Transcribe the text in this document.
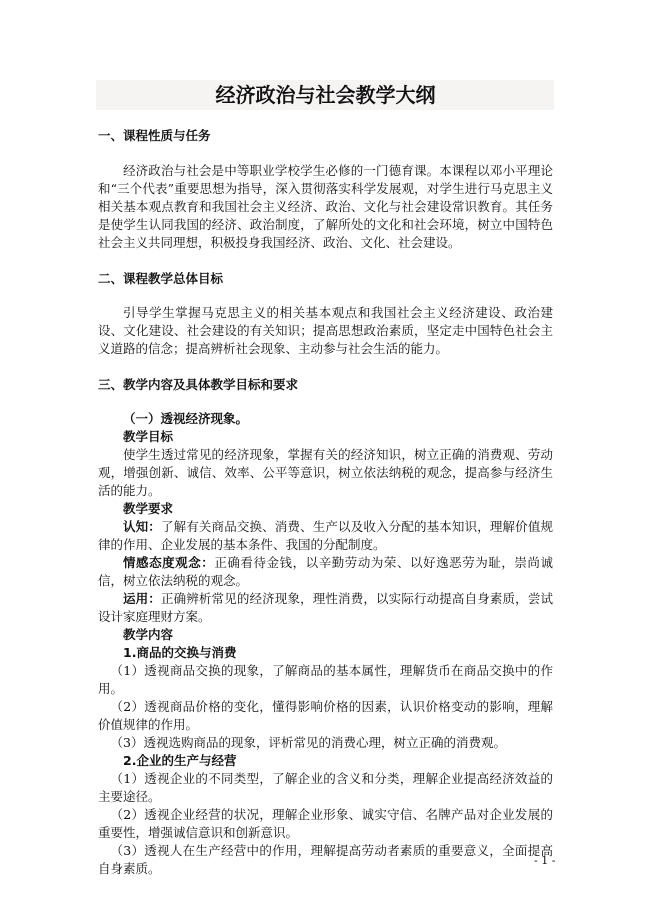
经济政治与社会教学大纲
一、课程性质与任务

经济政治与社会是中等职业学校学生必修的一门德育课。本课程以邓小平理论和“三个代表”重要思想为指导，深入贯彻落实科学发展观，对学生进行马克思主义相关基本观点教育和我国社会主义经济、政治、文化与社会建设常识教育。其任务是使学生认同我国的经济、政治制度，了解所处的文化和社会环境，树立中国特色社会主义共同理想，积极投身我国经济、政治、文化、社会建设。

二、课程教学总体目标

引导学生掌握马克思主义的相关基本观点和我国社会主义经济建设、政治建设、文化建设、社会建设的有关知识；提高思想政治素质，坚定走中国特色社会主义道路的信念；提高辨析社会现象、主动参与社会生活的能力。

三、教学内容及具体教学目标和要求

（一）透视经济现象。

教学目标

使学生透过常见的经济现象，掌握有关的经济知识，树立正确的消费观、劳动观，增强创新、诚信、效率、公平等意识，树立依法纳税的观念，提高参与经济生活的能力。

教学要求

认知：了解有关商品交换、消费、生产以及收入分配的基本知识，理解价值规律的作用、企业发展的基本条件、我国的分配制度。

情感态度观念：正确看待金钱，以辛勤劳动为荣、以好逸恶劳为耻，崇尚诚信，树立依法纳税的观念。

运用：正确辨析常见的经济现象，理性消费，以实际行动提高自身素质，尝试设计家庭理财方案。

教学内容

1.商品的交换与消费

（1）透视商品交换的现象，了解商品的基本属性，理解货币在商品交换中的作用。

（2）透视商品价格的变化，懂得影响价格的因素，认识价格变动的影响，理解价值规律的作用。

（3）透视选购商品的现象，评析常见的消费心理，树立正确的消费观。

2.企业的生产与经营

（1）透视企业的不同类型，了解企业的含义和分类，理解企业提高经济效益的主要途径。

（2）透视企业经营的状况，理解企业形象、诚实守信、名牌产品对企业发展的重要性，增强诚信意识和创新意识。

（3）透视人在生产经营中的作用，理解提高劳动者素质的重要意义，全面提高自身素质。

- 1 -
